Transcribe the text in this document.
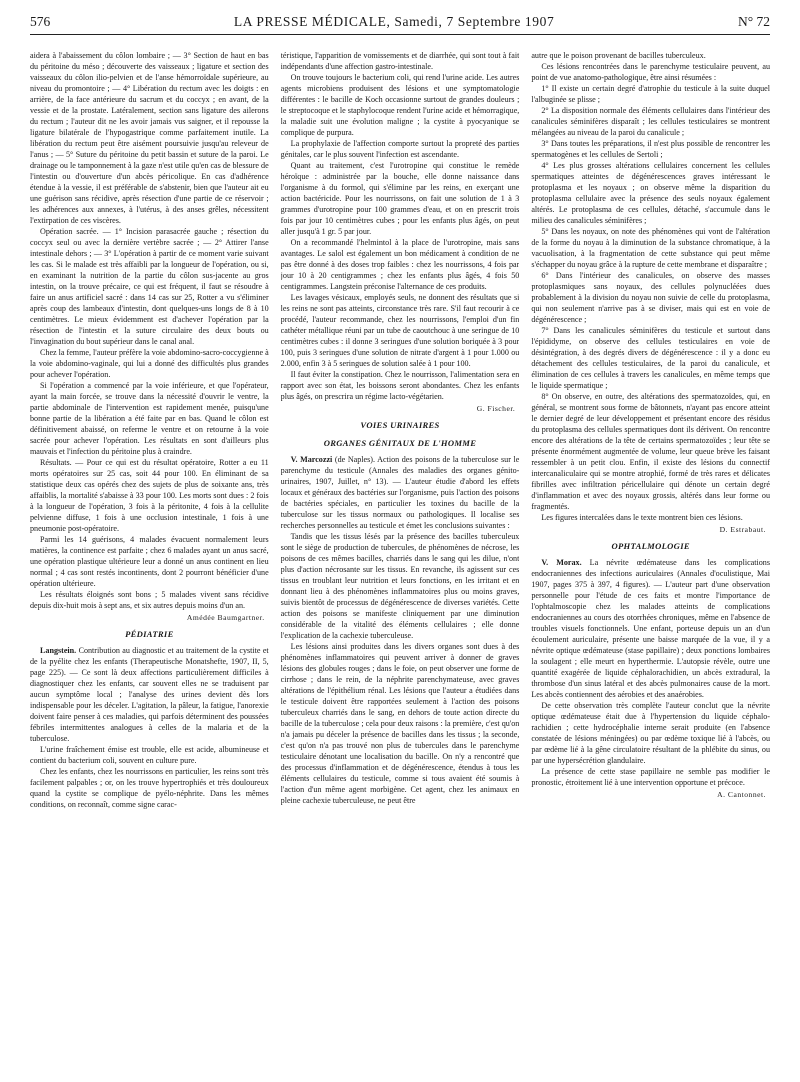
576	LA PRESSE MÉDICALE, Samedi, 7 Septembre 1907	N° 72

aidera à l'abaissement du côlon lombaire ; — 3° Section de haut en bas du péritoine du méso ; découverte des vaisseaux ; ligature et section des vaisseaux du côlon ilio-pelvien et de l'anse hémorroïdale supérieure, au niveau du promontoire ; — 4° Libération du rectum avec les doigts : en arrière, de la face antérieure du sacrum et du coccyx ; en avant, de la vessie et de la prostate. Latéralement, section sans ligature des ailerons du rectum ; l'auteur dit ne les avoir jamais vus saigner, et il repousse la ligature bilatérale de l'hypogastrique comme parfaitement inutile. La libération du rectum peut être aisément poursuivie jusqu'au releveur de l'anus ; — 5° Suture du péritoine du petit bassin et suture de la paroi. Le drainage ou le tamponnement à la gaze n'est utile qu'en cas de blessure de l'intestin ou d'ouverture d'un abcès péricolique. En cas d'adhérence étendue à la vessie, il est préférable de s'abstenir, bien que l'auteur ait eu une guérison sans récidive, après résection d'une partie de ce réservoir ; les adhérences aux annexes, à l'utérus, à des anses grêles, nécessitent l'extirpation de ces viscères.

Opération sacrée. — 1° Incision parasacrée gauche ; résection du coccyx seul ou avec la dernière vertèbre sacrée ; — 2° Attirer l'anse intestinale dehors ; — 3° L'opération à partir de ce moment varie suivant les cas. Si le malade est très affaibli par la longueur de l'opération, ou si, en examinant la nutrition de la partie du côlon sus-jacente au gros intestin, on la trouve précaire, ce qui est fréquent, il faut se résoudre à faire un anus artificiel sacré : dans 14 cas sur 25, Rotter a vu s'éliminer après coup des lambeaux d'intestin, dont quelques-uns longs de 8 à 10 centimètres. Le mieux évidemment est d'achever l'opération par la résection de l'intestin et la suture circulaire des deux bouts ou l'invagination du bout supérieur dans le canal anal.

Chez la femme, l'auteur préfère la voie abdomino-sacro-coccygienne à la voie abdomino-vaginale, qui lui a donné des difficultés plus grandes pour achever l'opération.

Si l'opération a commencé par la voie inférieure, et que l'opérateur, ayant la main forcée, se trouve dans la nécessité d'ouvrir le ventre, la partie abdominale de l'intervention est rapidement menée, puisqu'une bonne partie de la libération a été faite par en bas. Quand le côlon est définitivement abaissé, on referme le ventre et on retourne à la voie sacrée pour achever l'opération. Les résultats en sont d'ailleurs plus mauvais et l'infection du péritoine plus à craindre.

Résultats. — Pour ce qui est du résultat opératoire, Rotter a eu 11 morts opératoires sur 25 cas, soit 44 pour 100. En éliminant de sa statistique deux cas opérés chez des sujets de plus de soixante ans, très affaiblis, la mortalité s'abaisse à 33 pour 100. Les morts sont dues : 2 fois à la longueur de l'opération, 3 fois à la péritonite, 4 fois à la cellulite pelvienne diffuse, 1 fois à une occlusion intestinale, 1 fois à une pneumonie post-opératoire.

Parmi les 14 guérisons, 4 malades évacuent normalement leurs matières, la continence est parfaite ; chez 6 malades ayant un anus sacré, une opération plastique ultérieure leur a donné un anus continent en lieu normal ; 4 cas sont restés incontinents, dont 2 pourront bénéficier d'une opération ultérieure.

Les résultats éloignés sont bons ; 5 malades vivent sans récidive depuis dix-huit mois à sept ans, et six autres depuis moins d'un an.

Amédée Baumgartner.
PÉDIATRIE

Langstein. Contribution au diagnostic et au traitement de la cystite et de la pyélite chez les enfants (Therapeutische Monatshefte, 1907, II, 5, page 225). — Ce sont là deux affections particulièrement difficiles à diagnostiquer chez les enfants, car souvent elles ne se traduisent par aucun symptôme local ; l'analyse des urines devient dès lors indispensable pour les déceler. L'agitation, la pâleur, la fatigue, l'anorexie doivent faire penser à ces maladies, qui parfois déterminent des poussées fébriles intermittentes analogues à celles de la malaria et de la tuberculose.

L'urine fraîchement émise est trouble, elle est acide, albumineuse et contient du bacterium coli, souvent en culture pure.

Chez les enfants, chez les nourrissons en particulier, les reins sont très facilement palpables ; or, on les trouve hypertrophiés et très douloureux quand la cystite se complique de pyélo-néphrite. Dans les mêmes conditions, on reconnaît, comme signe carac-

téristique, l'apparition de vomissements et de diarrhée, qui sont tout à fait indépendants d'une affection gastro-intestinale.

On trouve toujours le bacterium coli, qui rend l'urine acide. Les autres agents microbiens produisent des lésions et une symptomatologie différentes : le bacille de Koch occasionne surtout de grandes douleurs ; le streptocoque et le staphylocoque rendent l'urine acide et hémorragique, la maladie suit une évolution maligne ; la cystite à pyocyanique se complique de purpura.

La prophylaxie de l'affection comporte surtout la propreté des parties génitales, car le plus souvent l'infection est ascendante.

Quant au traitement, c'est l'urotropine qui constitue le remède héroïque : administrée par la bouche, elle donne naissance dans l'organisme à du formol, qui s'élimine par les reins, en exerçant une action bactéricide. Pour les nourrissons, on fait une solution de 1 à 3 grammes d'urotropine pour 100 grammes d'eau, et on en prescrit trois fois par jour 10 centimètres cubes ; pour les enfants plus âgés, on peut aller jusqu'à 1 gr. 5 par jour.

On a recommandé l'helmintol à la place de l'urotropine, mais sans avantages. Le salol est également un bon médicament à condition de ne pas être donné à des doses trop faibles : chez les nourrissons, 4 fois par jour 10 à 20 centigrammes ; chez les enfants plus âgés, 4 fois 50 centigrammes. Langstein préconise l'alternance de ces produits.

Les lavages vésicaux, employés seuls, ne donnent des résultats que si les reins ne sont pas atteints, circonstance très rare. S'il faut recourir à ce procédé, l'auteur recommande, chez les nourrissons, l'emploi d'un fin cathéter métallique réuni par un tube de caoutchouc à une seringue de 10 centimètres cubes : il donne 3 seringues d'une solution boriquée à 3 pour 100, puis 3 seringues d'une solution de nitrate d'argent à 1 pour 1.000 ou 2.000, enfin 3 à 5 seringues de solution salée à 1 pour 100.

Il faut éviter la constipation. Chez le nourrisson, l'alimentation sera en rapport avec son état, les boissons seront abondantes. Chez les enfants plus âgés, on prescrira un régime lacto-végétarien.

G. Fischer.
VOIES URINAIRES
ORGANES GÉNITAUX DE L'HOMME

V. Marcozzi (de Naples). Action des poisons de la tuberculose sur le parenchyme du testicule (Annales des maladies des organes génito-urinaires, 1907, Juillet, n° 13). — L'auteur étudie d'abord les effets locaux et généraux des bactéries sur l'organisme, puis l'action des poisons de bactéries spéciales, en particulier les toxines du bacille de la tuberculose sur les tissus normaux ou pathologiques. Il localise ses recherches personnelles au testicule et émet les conclusions suivantes :

Tandis que les tissus lésés par la présence des bacilles tuberculeux sont le siège de production de tubercules, de phénomènes de nécrose, les poisons de ces mêmes bacilles, charriés dans le sang qui les dilue, n'ont plus d'action nécrosante sur les tissus. En revanche, ils agissent sur ces tissus en troublant leur nutrition et leurs fonctions, en les irritant et en donnant lieu à des phénomènes inflammatoires plus ou moins graves, suivis bientôt de processus de dégénérescence de diverses variétés. Cette action des poisons se manifeste cliniquement par une diminution considérable de la vitalité des éléments cellulaires ; elle donne l'explication de la cachexie tuberculeuse.

Les lésions ainsi produites dans les divers organes sont dues à des phénomènes inflammatoires qui peuvent arriver à donner de graves lésions des globules rouges ; dans le foie, on peut observer une forme de cirrhose ; dans le rein, de la néphrite parenchymateuse, avec graves altérations de l'épithélium rénal. Les lésions que l'auteur a étudiées dans le testicule doivent être rapportées seulement à l'action des poisons tuberculeux charriés dans le sang, en dehors de toute action directe du bacille de la tuberculose ; cela pour deux raisons : la première, c'est qu'on n'a jamais pu déceler la présence de bacilles dans les tissus ; la seconde, c'est qu'on n'a pas trouvé non plus de tubercules dans le parenchyme testiculaire dénotant une localisation du bacille. On n'y a rencontré que des processus d'inflammation et de dégénérescence, étendus à tous les éléments cellulaires du testicule, comme si tous avaient été soumis à l'action d'un même agent morbigène. Cet agent, chez les animaux en pleine cachexie tuberculeuse, ne peut être

autre que le poison provenant de bacilles tuberculeux.

Ces lésions rencontrées dans le parenchyme testiculaire peuvent, au point de vue anatomo-pathologique, être ainsi résumées :

1° Il existe un certain degré d'atrophie du testicule à la suite duquel l'albuginée se plisse ;

2° La disposition normale des éléments cellulaires dans l'intérieur des canalicules séminifères disparaît ; les cellules testiculaires se montrent mélangées au niveau de la paroi du canalicule ;

3° Dans toutes les préparations, il n'est plus possible de rencontrer les spermatogènes et les cellules de Sertoli ;

4° Les plus grosses altérations cellulaires concernent les cellules spermatiques atteintes de dégénérescences graves intéressant le protoplasma et les noyaux ; on observe même la disparition du protoplasma cellulaire avec la présence des seuls noyaux également altérés. Le protoplasma de ces cellules, détaché, s'accumule dans le milieu des canalicules séminifères ;

5° Dans les noyaux, on note des phénomènes qui vont de l'altération de la forme du noyau à la diminution de la substance chromatique, à la vacuolisation, à la fragmentation de cette substance qui peut même s'échapper du noyau grâce à la rupture de cette membrane et disparaître ;

6° Dans l'intérieur des canalicules, on observe des masses protoplasmiques sans noyaux, des cellules polynucléées dues probablement à la division du noyau non suivie de celle du protoplasma, qui non seulement n'arrive pas à se diviser, mais qui est en voie de dégénérescence ;

7° Dans les canalicules séminifères du testicule et surtout dans l'épididyme, on observe des cellules testiculaires en voie de désintégration, à des degrés divers de dégénérescence : il y a donc eu détachement des cellules testiculaires, de la paroi du canalicule, et élimination de ces cellules à travers les canalicules, en même temps que le liquide spermatique ;

8° On observe, en outre, des altérations des spermatozoïdes, qui, en général, se montrent sous forme de bâtonnets, n'ayant pas encore atteint le dernier degré de leur développement et présentant encore des résidus du protoplasma des cellules spermatiques dont ils dérivent. On rencontre encore des altérations de la tête de certains spermatozoïdes ; leur tête se présente énormément augmentée de volume, leur queue brève les faisant ressembler à un petit clou. Enfin, il existe des lésions du connectif intercanaliculaire qui se montre atrophié, formé de très rares et délicates fibrilles avec infiltration péricellulaire qui dénote un certain degré d'inflammation et avec des noyaux grossis, altérés dans leur forme ou fragmentés.

Les figures intercalées dans le texte montrent bien ces lésions.

D. Estrabaut.
OPHTALMOLOGIE

V. Morax. La névrite œdémateuse dans les complications endocraniennes des infections auriculaires (Annales d'oculistique, Mai 1907, pages 375 à 397, 4 figures). — L'auteur part d'une observation personnelle pour l'étude de ces faits et montre l'importance de l'ophtalmoscopie chez les malades atteints de complications endocraniennes au cours des otorrhées chroniques, même en l'absence de troubles visuels fonctionnels. Une enfant, porteuse depuis un an d'un écoulement auriculaire, présente une baisse marquée de la vue, il y a névrite optique œdémateuse (stase papillaire) ; deux ponctions lombaires la soulagent ; elle meurt en hyperthermie. L'autopsie révèle, outre une quantité exagérée de liquide céphalorachidien, un abcès extradural, la thrombose d'un sinus latéral et des abcès pulmonaires cause de la mort. Les abcès contiennent des aérobies et des anaérobies.

De cette observation très complète l'auteur conclut que la névrite optique œdémateuse était due à l'hypertension du liquide céphalo-rachidien ; cette hydrocéphalie interne serait produite (en l'absence constatée de lésions méningées) ou par œdème toxique lié à l'abcès, ou par œdème lié à la gêne circulatoire résultant de la phlébite du sinus, ou par une hypersécrétion glandulaire.

La présence de cette stase papillaire ne semble pas modifier le pronostic, étroitement lié à une intervention opportune et précoce.

A. Cantonnet.
